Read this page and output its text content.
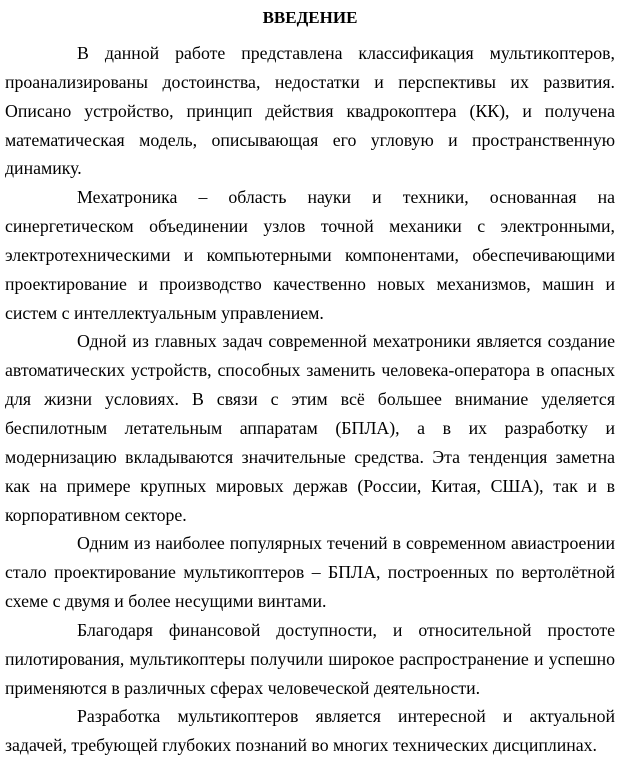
ВВЕДЕНИЕ

В данной работе представлена классификация мультикоптеров, проанализированы достоинства, недостатки и перспективы их развития. Описано устройство, принцип действия квадрокоптера (КК), и получена математическая модель, описывающая его угловую и пространственную динамику.

Мехатроника – область науки и техники, основанная на синергетическом объединении узлов точной механики с электронными, электротехническими и компьютерными компонентами, обеспечивающими проектирование и производство качественно новых механизмов, машин и систем с интеллектуальным управлением.

Одной из главных задач современной мехатроники является создание автоматических устройств, способных заменить человека-оператора в опасных для жизни условиях. В связи с этим всё большее внимание уделяется беспилотным летательным аппаратам (БПЛА), а в их разработку и модернизацию вкладываются значительные средства. Эта тенденция заметна как на примере крупных мировых держав (России, Китая, США), так и в корпоративном секторе.

Одним из наиболее популярных течений в современном авиастроении стало проектирование мультикоптеров – БПЛА, построенных по вертолётной схеме с двумя и более несущими винтами.

Благодаря финансовой доступности, и относительной простоте пилотирования, мультикоптеры получили широкое распространение и успешно применяются в различных сферах человеческой деятельности.

Разработка мультикоптеров является интересной и актуальной задачей, требующей глубоких познаний во многих технических дисциплинах.
